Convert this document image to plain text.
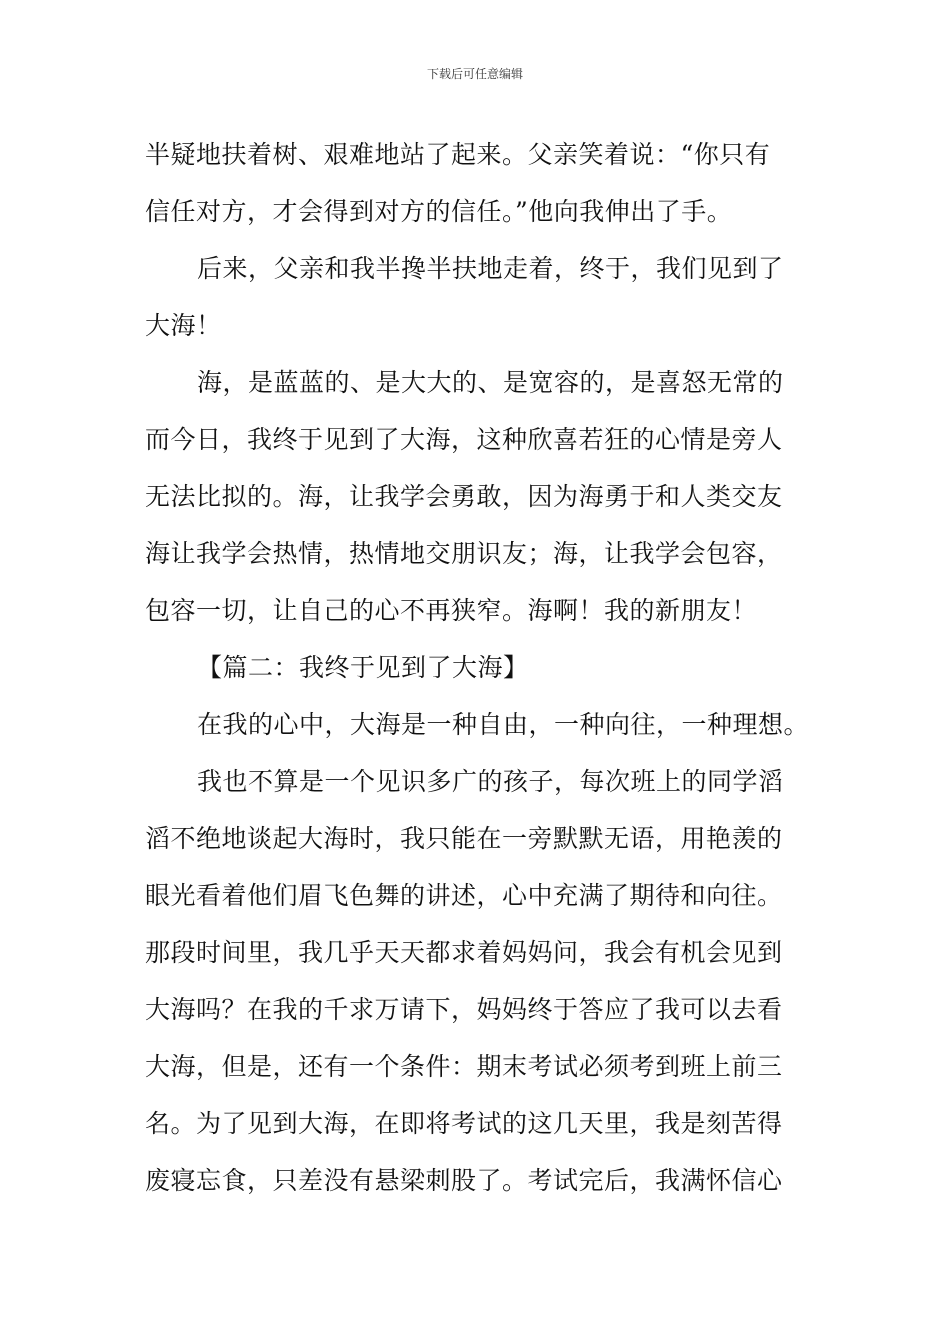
下载后可任意编辑
半疑地扶着树、艰难地站了起来。父亲笑着说：“你只有
信任对方，才会得到对方的信任。”他向我伸出了手。
后来，父亲和我半搀半扶地走着，终于，我们见到了
大海！
海，是蓝蓝的、是大大的、是宽容的，是喜怒无常的
而今日，我终于见到了大海，这种欣喜若狂的心情是旁人
无法比拟的。海，让我学会勇敢，因为海勇于和人类交友
海让我学会热情，热情地交朋识友；海，让我学会包容，
包容一切，让自己的心不再狭窄。海啊！我的新朋友！
【篇二：我终于见到了大海】
在我的心中，大海是一种自由，一种向往，一种理想。
我也不算是一个见识多广的孩子，每次班上的同学滔
滔不绝地谈起大海时，我只能在一旁默默无语，用艳羡的
眼光看着他们眉飞色舞的讲述，心中充满了期待和向往。
那段时间里，我几乎天天都求着妈妈问，我会有机会见到
大海吗？在我的千求万请下，妈妈终于答应了我可以去看
大海，但是，还有一个条件：期末考试必须考到班上前三
名。为了见到大海，在即将考试的这几天里，我是刻苦得
废寝忘食，只差没有悬梁刺股了。考试完后，我满怀信心
